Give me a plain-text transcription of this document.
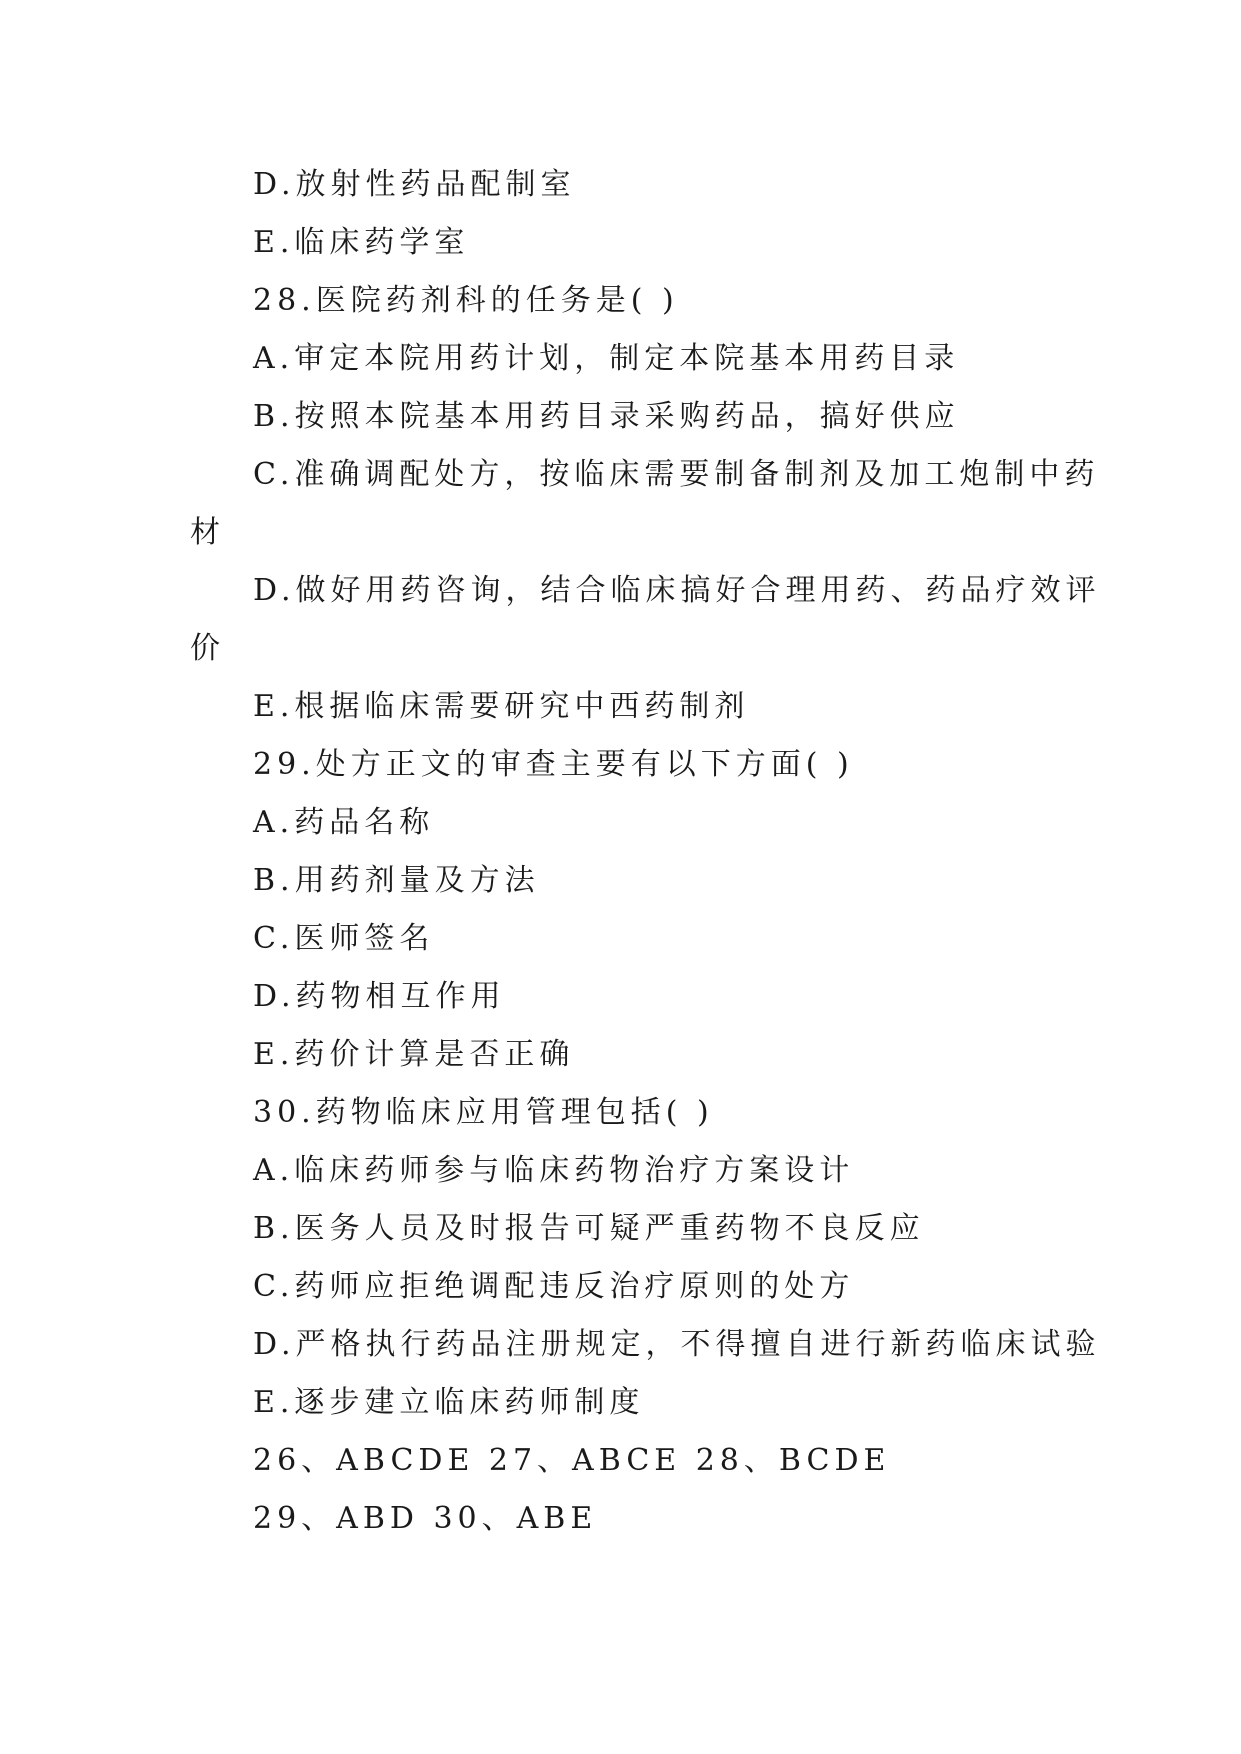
D.放射性药品配制室
E.临床药学室
28.医院药剂科的任务是( )
A.审定本院用药计划，制定本院基本用药目录
B.按照本院基本用药目录采购药品，搞好供应
C.准确调配处方，按临床需要制备制剂及加工炮制中药
材
D.做好用药咨询，结合临床搞好合理用药、药品疗效评
价
E.根据临床需要研究中西药制剂
29.处方正文的审查主要有以下方面( )
A.药品名称
B.用药剂量及方法
C.医师签名
D.药物相互作用
E.药价计算是否正确
30.药物临床应用管理包括( )
A.临床药师参与临床药物治疗方案设计
B.医务人员及时报告可疑严重药物不良反应
C.药师应拒绝调配违反治疗原则的处方
D.严格执行药品注册规定，不得擅自进行新药临床试验
E.逐步建立临床药师制度
26、ABCDE 27、ABCE 28、BCDE
29、ABD 30、ABE
